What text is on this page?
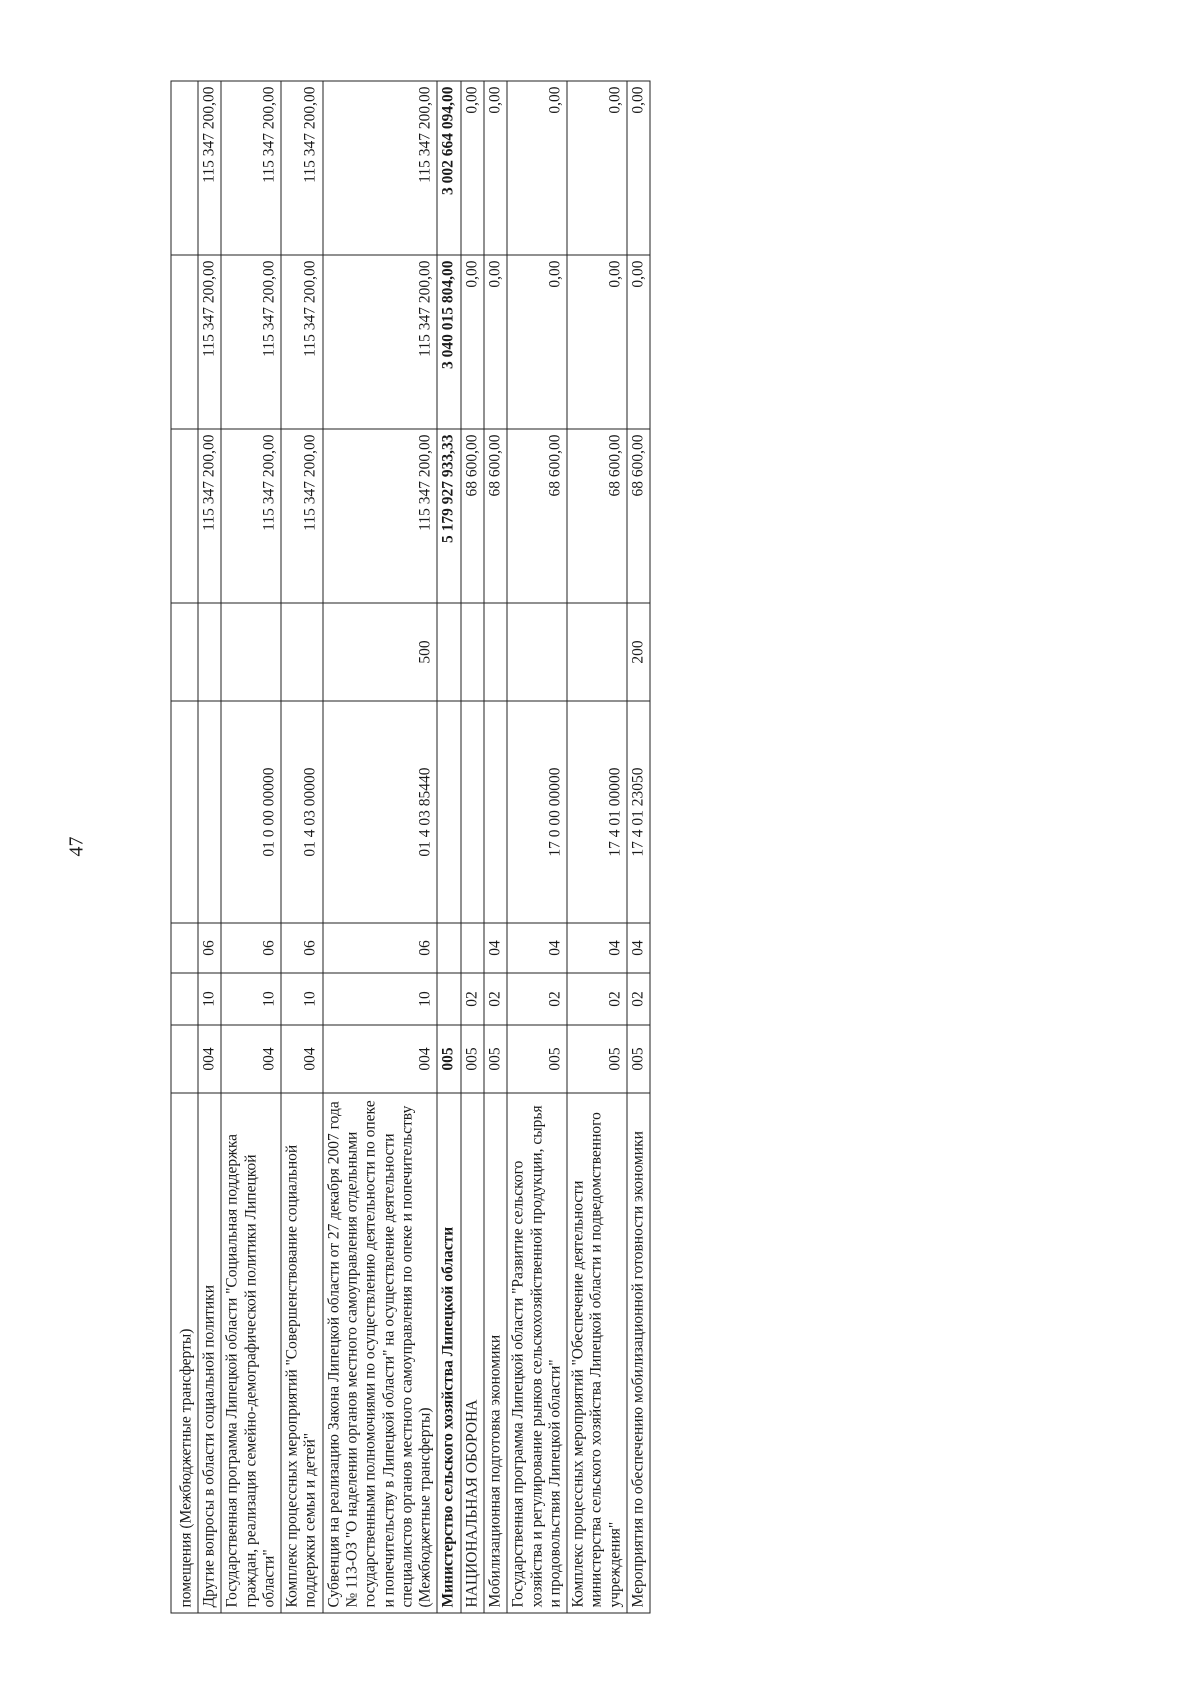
47
помещения (Межбюджетные трансферты)								
Другие вопросы в области социальной политики	004	10	06			115 347 200,00	115 347 200,00	115 347 200,00
Государственная программа Липецкой области "Социальная поддержка граждан, реализация семейно-демографической политики Липецкой области"	004	10	06	01 0 00 00000		115 347 200,00	115 347 200,00	115 347 200,00
Комплекс процессных мероприятий "Совершенствование социальной поддержки семьи и детей"	004	10	06	01 4 03 00000		115 347 200,00	115 347 200,00	115 347 200,00
Субвенция на реализацию Закона Липецкой области от 27 декабря 2007 года № 113-ОЗ "О наделении органов местного самоуправления отдельными государственными полномочиями по осуществлению деятельности по опеке и попечительству в Липецкой области" на осуществление деятельности специалистов органов местного самоуправления по опеке и попечительству (Межбюджетные трансферты)	004	10	06	01 4 03 85440	500	115 347 200,00	115 347 200,00	115 347 200,00
Министерство сельского хозяйства Липецкой области	005					5 179 927 933,33	3 040 015 804,00	3 002 664 094,00
НАЦИОНАЛЬНАЯ ОБОРОНА	005	02				68 600,00	0,00	0,00
Мобилизационная подготовка экономики	005	02	04			68 600,00	0,00	0,00
Государственная программа Липецкой области "Развитие сельского хозяйства и регулирование рынков сельскохозяйственной продукции, сырья и продовольствия Липецкой области"	005	02	04	17 0 00 00000		68 600,00	0,00	0,00
Комплекс процессных мероприятий "Обеспечение деятельности министерства сельского хозяйства Липецкой области и подведомственного учреждения"	005	02	04	17 4 01 00000		68 600,00	0,00	0,00
Мероприятия по обеспечению мобилизационной готовности экономики	005	02	04	17 4 01 23050	200	68 600,00	0,00	0,00
